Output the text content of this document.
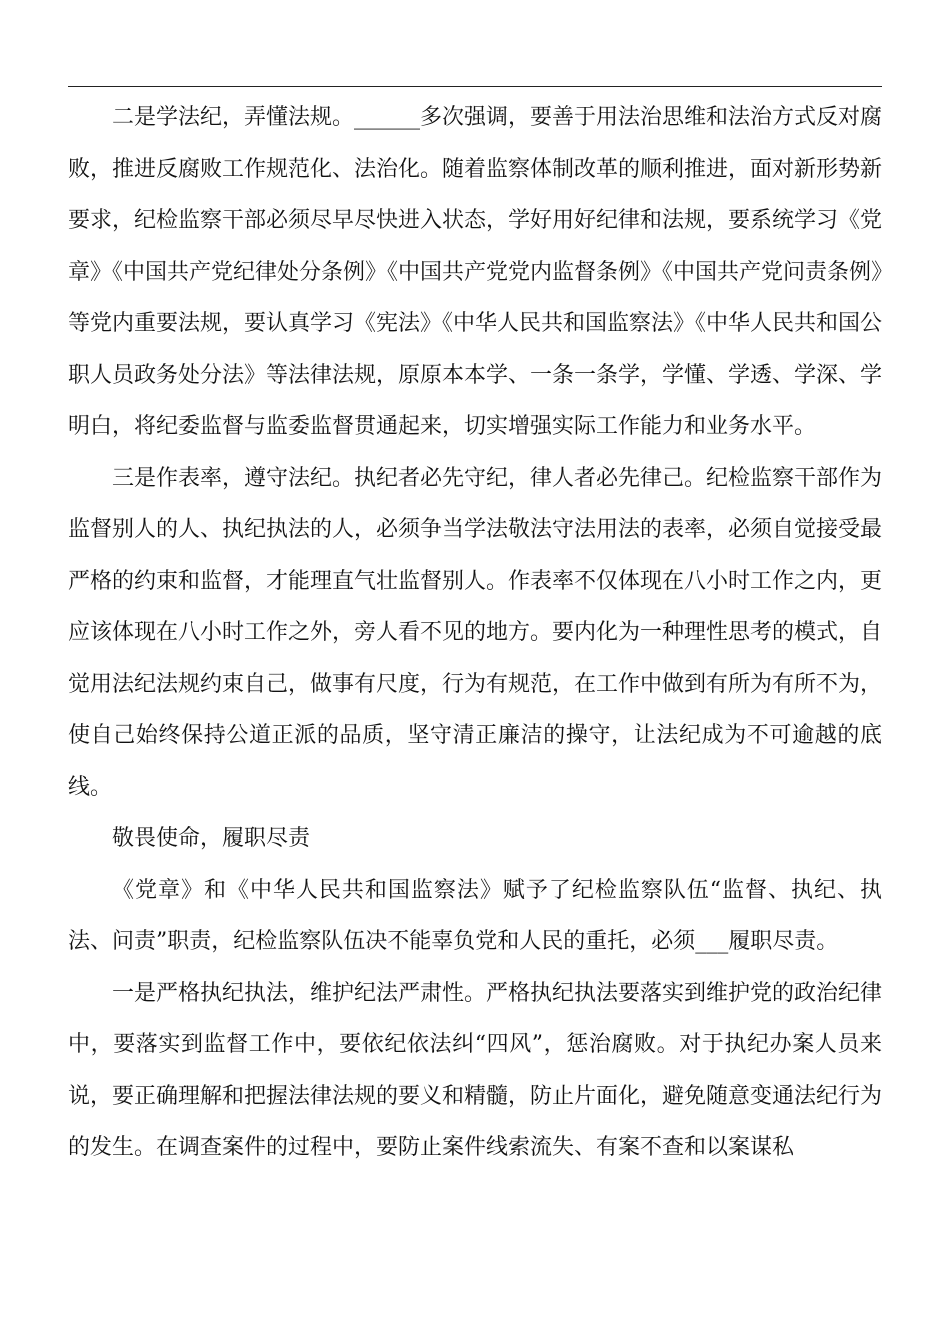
二是学法纪，弄懂法规。______多次强调，要善于用法治思维和法治方式反对腐败，推进反腐败工作规范化、法治化。随着监察体制改革的顺利推进，面对新形势新要求，纪检监察干部必须尽早尽快进入状态，学好用好纪律和法规，要系统学习《党章》《中国共产党纪律处分条例》《中国共产党党内监督条例》《中国共产党问责条例》等党内重要法规，要认真学习《宪法》《中华人民共和国监察法》《中华人民共和国公职人员政务处分法》等法律法规，原原本本学、一条一条学，学懂、学透、学深、学明白，将纪委监督与监委监督贯通起来，切实增强实际工作能力和业务水平。

三是作表率，遵守法纪。执纪者必先守纪，律人者必先律己。纪检监察干部作为监督别人的人、执纪执法的人，必须争当学法敬法守法用法的表率，必须自觉接受最严格的约束和监督，才能理直气壮监督别人。作表率不仅体现在八小时工作之内，更应该体现在八小时工作之外，旁人看不见的地方。要内化为一种理性思考的模式，自觉用法纪法规约束自己，做事有尺度，行为有规范，在工作中做到有所为有所不为，使自己始终保持公道正派的品质，坚守清正廉洁的操守，让法纪成为不可逾越的底线。

敬畏使命，履职尽责

《党章》和《中华人民共和国监察法》赋予了纪检监察队伍“监督、执纪、执法、问责”职责，纪检监察队伍决不能辜负党和人民的重托，必须___履职尽责。

一是严格执纪执法，维护纪法严肃性。严格执纪执法要落实到维护党的政治纪律中，要落实到监督工作中，要依纪依法纠“四风”，惩治腐败。对于执纪办案人员来说，要正确理解和把握法律法规的要义和精髓，防止片面化，避免随意变通法纪行为的发生。在调查案件的过程中，要防止案件线索流失、有案不查和以案谋私
